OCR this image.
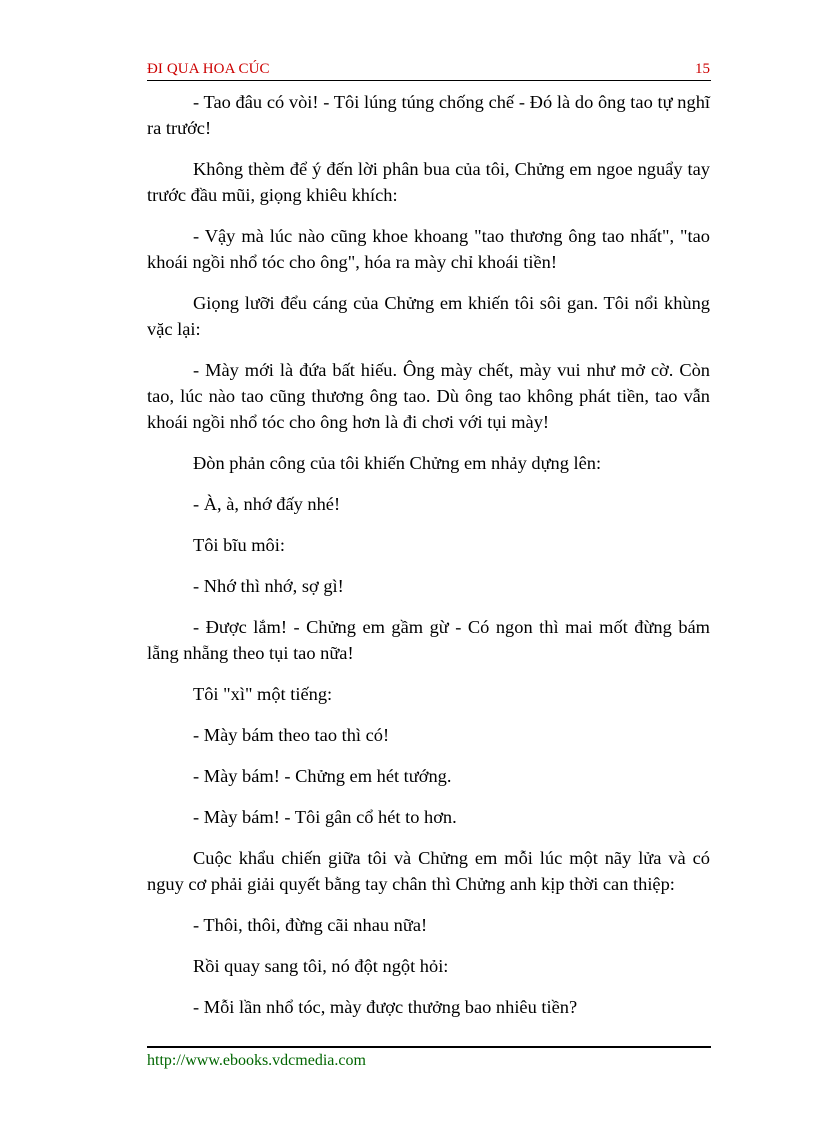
ĐI QUA HOA CÚC	15

- Tao đâu có vòi! - Tôi lúng túng chống chế - Đó là do ông tao tự nghĩ ra trước!

Không thèm để ý đến lời phân bua của tôi, Chửng em ngoe nguẩy tay trước đầu mũi, giọng khiêu khích:

- Vậy mà lúc nào cũng khoe khoang "tao thương ông tao nhất", "tao khoái ngồi nhổ tóc cho ông", hóa ra mày chỉ khoái tiền!

Giọng lưỡi đểu cáng của Chửng em khiến tôi sôi gan. Tôi nổi khùng vặc lại:

- Mày mới là đứa bất hiếu. Ông mày chết, mày vui như mở cờ. Còn tao, lúc nào tao cũng thương ông tao. Dù ông tao không phát tiền, tao vẫn khoái ngồi nhổ tóc cho ông hơn là đi chơi với tụi mày!

Đòn phản công của tôi khiến Chửng em nhảy dựng lên:

- À, à, nhớ đấy nhé!

Tôi bĩu môi:

- Nhớ thì nhớ, sợ gì!

- Được lắm! - Chửng em gầm gừ - Có ngon thì mai mốt đừng bám lẵng nhẵng theo tụi tao nữa!

Tôi "xì" một tiếng:

- Mày bám theo tao thì có!

- Mày bám! - Chửng em hét tướng.

- Mày bám! - Tôi gân cổ hét to hơn.

Cuộc khẩu chiến giữa tôi và Chửng em mỗi lúc một nãy lửa và có nguy cơ phải giải quyết bằng tay chân thì Chửng anh kịp thời can thiệp:

- Thôi, thôi, đừng cãi nhau nữa!

Rồi quay sang tôi, nó đột ngột hỏi:

- Mỗi lần nhổ tóc, mày được thưởng bao nhiêu tiền?

http://www.ebooks.vdcmedia.com
